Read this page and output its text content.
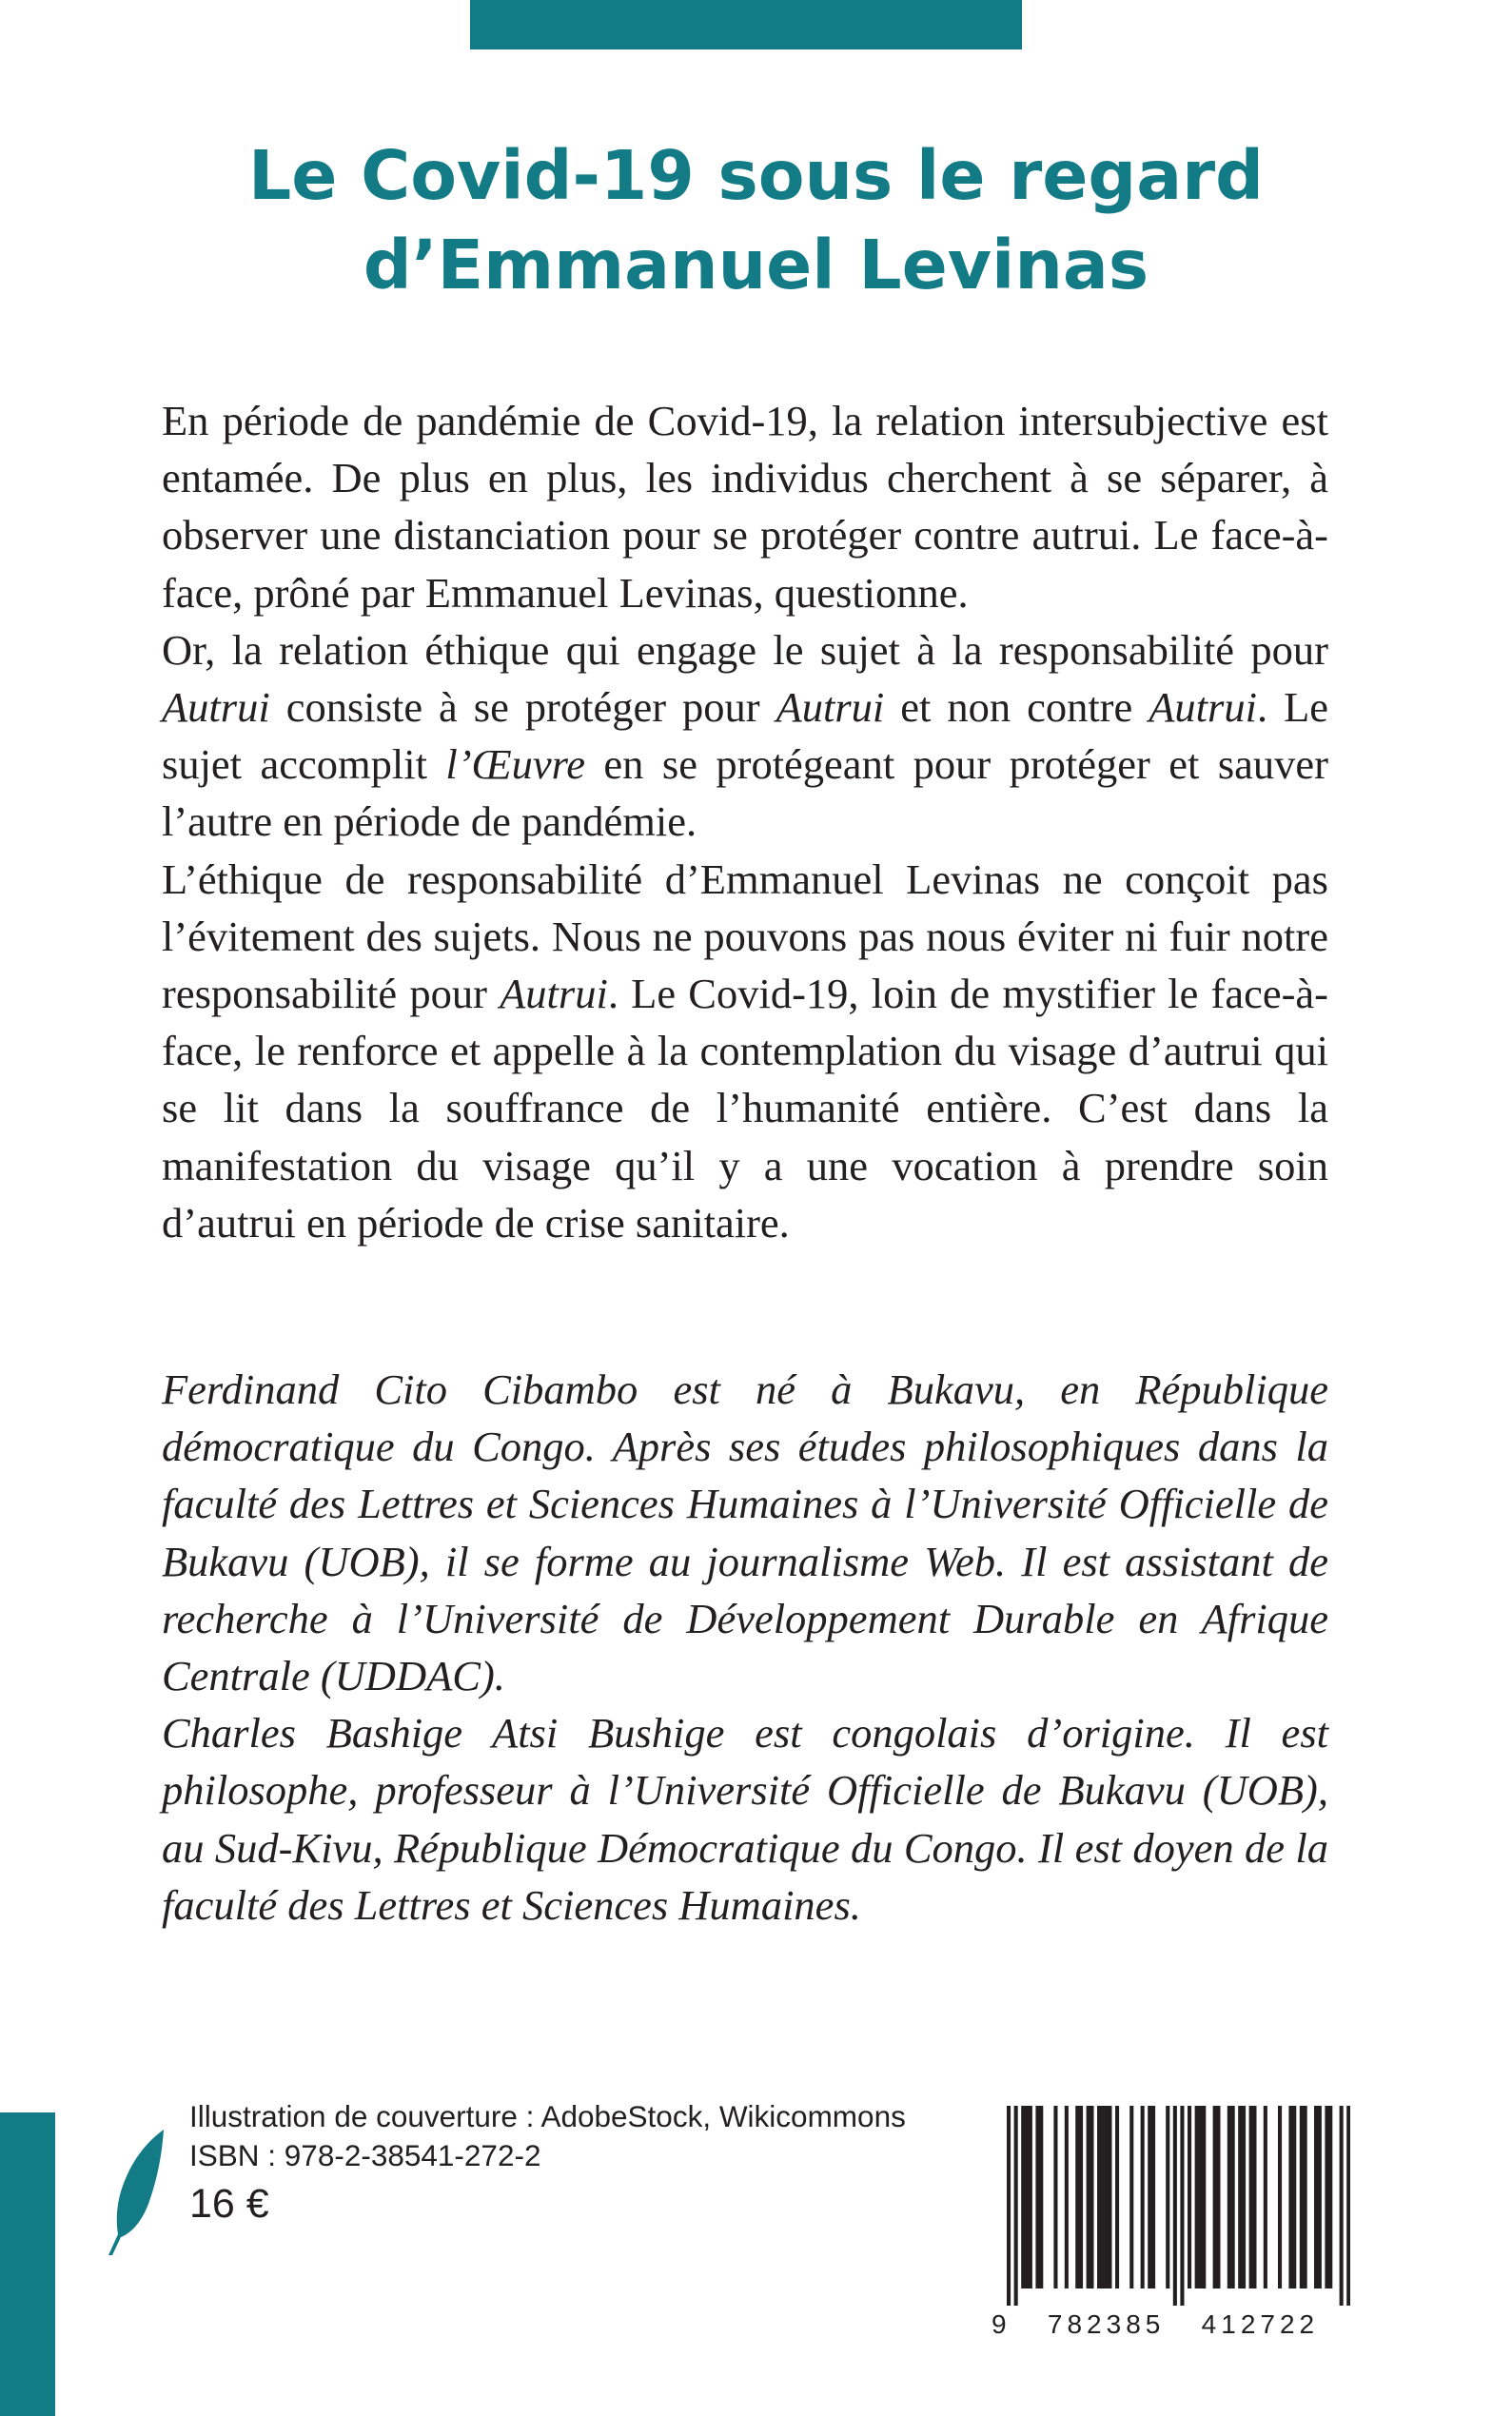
Le Covid-19 sous le regard
d’Emmanuel Levinas

En période de pandémie de Covid-19, la relation intersubjective est entamée. De plus en plus, les individus cherchent à se séparer, à observer une distanciation pour se protéger contre autrui. Le face-à-face, prôné par Emmanuel Levinas, questionne.

Or, la relation éthique qui engage le sujet à la responsabilité pour Autrui consiste à se protéger pour Autrui et non contre Autrui. Le sujet accomplit l’Œuvre en se protégeant pour protéger et sauver l’autre en période de pandémie.

L’éthique de responsabilité d’Emmanuel Levinas ne conçoit pas l’évitement des sujets. Nous ne pouvons pas nous éviter ni fuir notre responsabilité pour Autrui. Le Covid-19, loin de mystifier le face-à-face, le renforce et appelle à la contemplation du visage d’autrui qui se lit dans la souffrance de l’humanité entière. C’est dans la manifestation du visage qu’il y a une vocation à prendre soin d’autrui en période de crise sanitaire.

Ferdinand Cito Cibambo est né à Bukavu, en République démocratique du Congo. Après ses études philosophiques dans la faculté des Lettres et Sciences Humaines à l’Université Officielle de Bukavu (UOB), il se forme au journalisme Web. Il est assistant de recherche à l’Université de Développement Durable en Afrique Centrale (UDDAC).

Charles Bashige Atsi Bushige est congolais d’origine. Il est philosophe, professeur à l’Université Officielle de Bukavu (UOB), au Sud-Kivu, République Démocratique du Congo. Il est doyen de la faculté des Lettres et Sciences Humaines.

Illustration de couverture : AdobeStock, Wikicommons
ISBN : 978-2-38541-272-2
16 €
9   782385   412722
